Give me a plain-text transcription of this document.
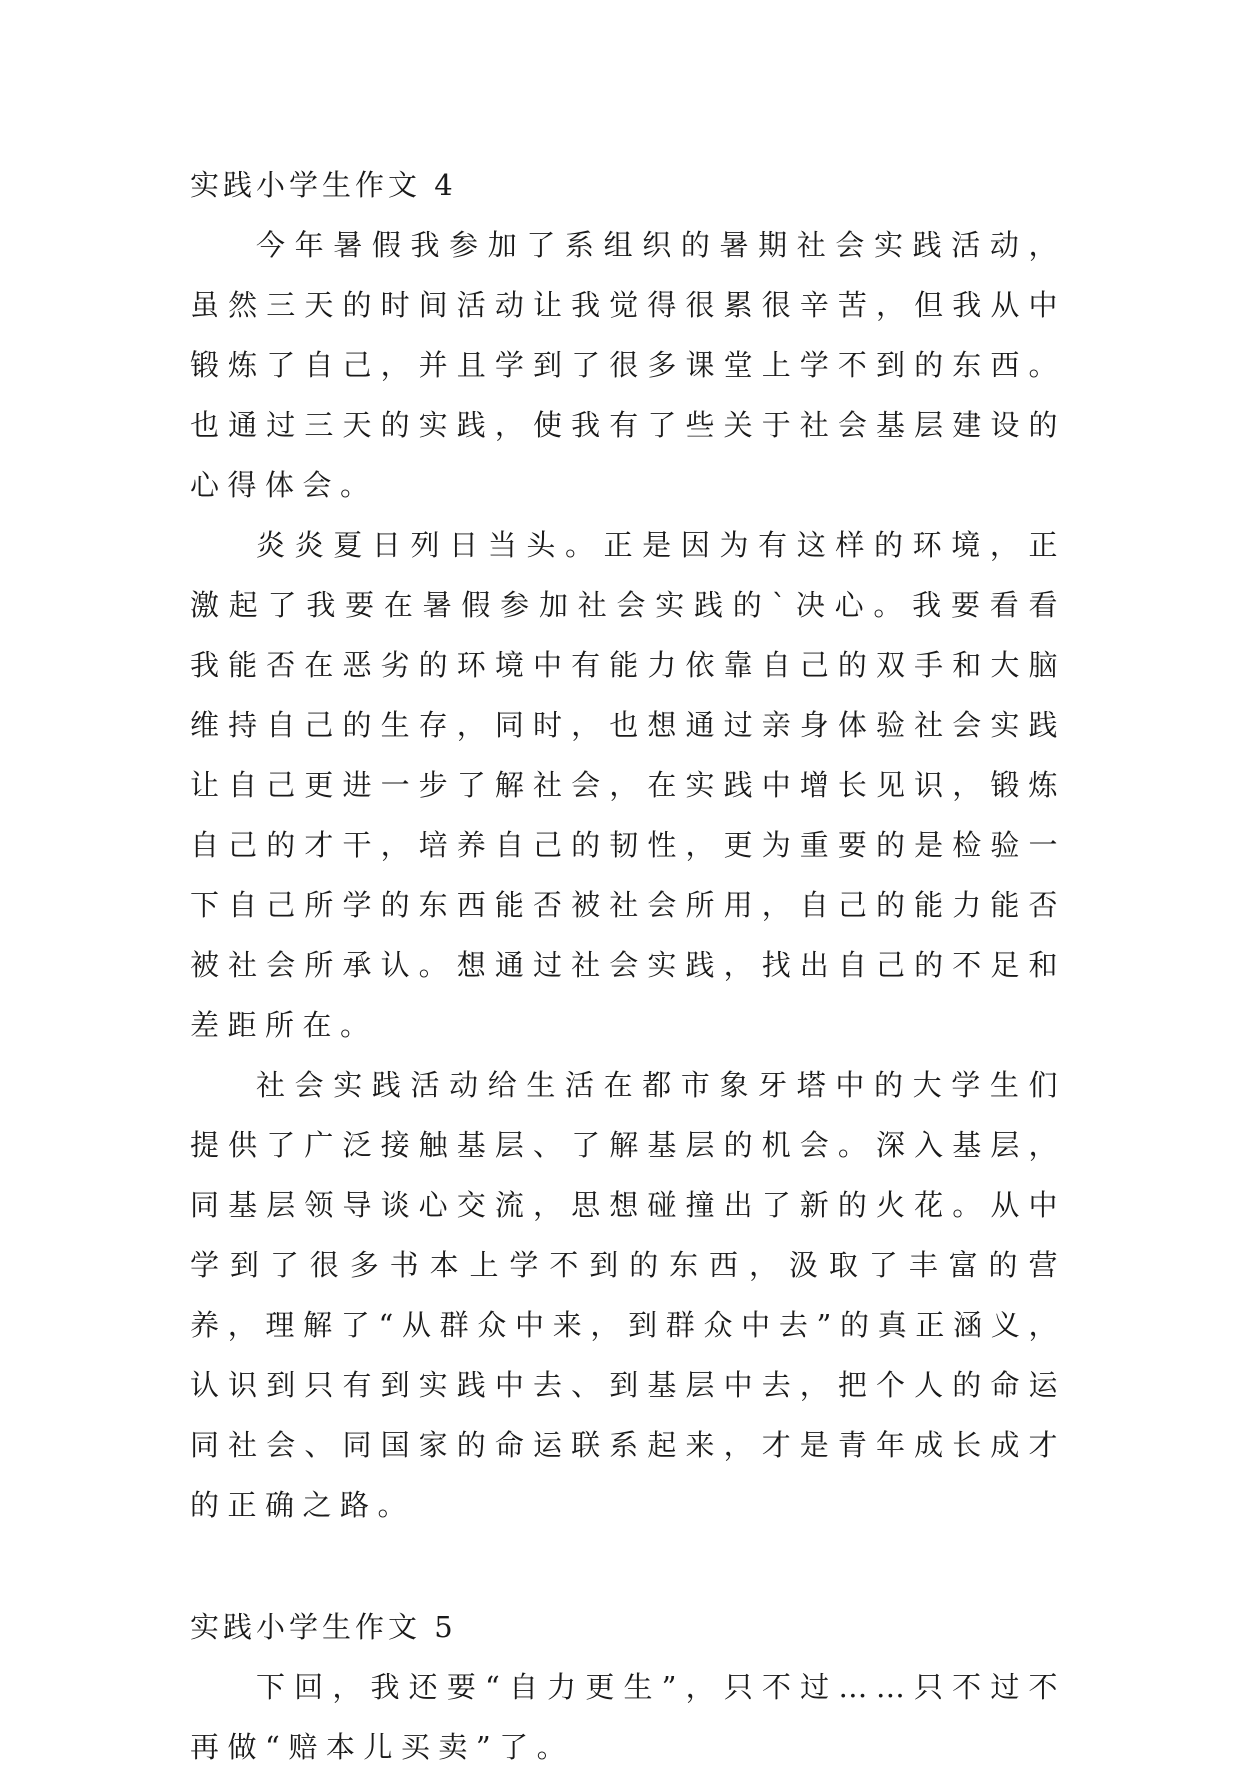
实践小学生作文 4

今年暑假我参加了系组织的暑期社会实践活动，虽然三天的时间活动让我觉得很累很辛苦，但我从中锻炼了自己，并且学到了很多课堂上学不到的东西。也通过三天的实践，使我有了些关于社会基层建设的心得体会。

炎炎夏日列日当头。正是因为有这样的环境，正激起了我要在暑假参加社会实践的`决心。我要看看我能否在恶劣的环境中有能力依靠自己的双手和大脑维持自己的生存，同时，也想通过亲身体验社会实践让自己更进一步了解社会，在实践中增长见识，锻炼自己的才干，培养自己的韧性，更为重要的是检验一下自己所学的东西能否被社会所用，自己的能力能否被社会所承认。想通过社会实践，找出自己的不足和差距所在。

社会实践活动给生活在都市象牙塔中的大学生们提供了广泛接触基层、了解基层的机会。深入基层，同基层领导谈心交流，思想碰撞出了新的火花。从中学到了很多书本上学不到的东西，汲取了丰富的营养，理解了“从群众中来，到群众中去”的真正涵义，认识到只有到实践中去、到基层中去，把个人的命运同社会、同国家的命运联系起来，才是青年成长成才的正确之路。

实践小学生作文 5

下回，我还要“自力更生”，只不过……只不过不再做“赔本儿买卖”了。
